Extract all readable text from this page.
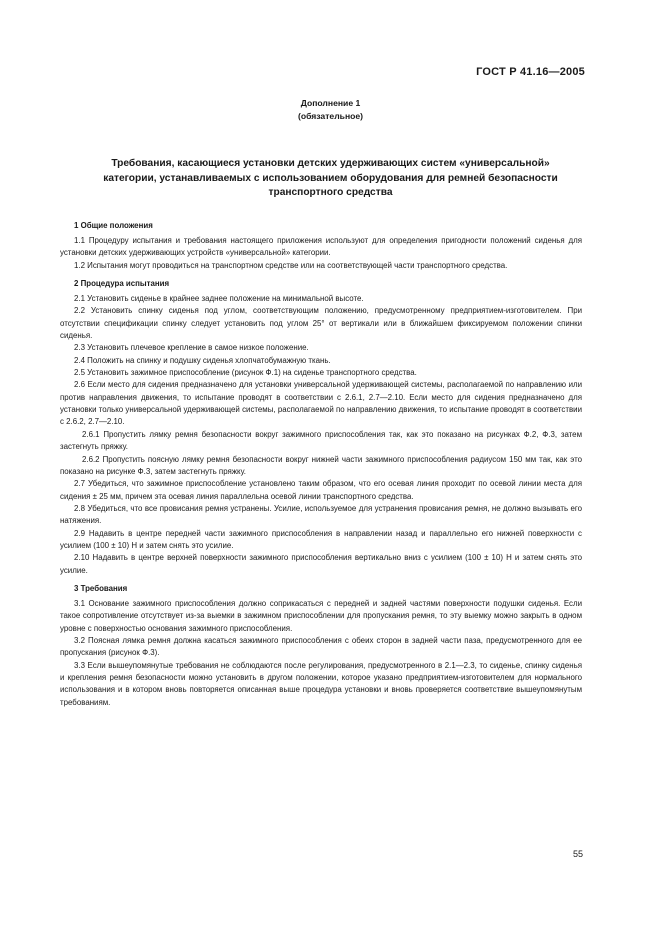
ГОСТ Р 41.16—2005
Дополнение 1
(обязательное)
Требования, касающиеся установки детских удерживающих систем «универсальной»
категории, устанавливаемых с использованием оборудования для ремней безопасности
транспортного средства
1 Общие положения

1.1 Процедуру испытания и требования настоящего приложения используют для определения пригодности положений сиденья для установки детских удерживающих устройств «универсальной» категории.

1.2 Испытания могут проводиться на транспортном средстве или на соответствующей части транспортного средства.

2 Процедура испытания

2.1 Установить сиденье в крайнее заднее положение на минимальной высоте.

2.2 Установить спинку сиденья под углом, соответствующим положению, предусмотренному предприятием-изготовителем. При отсутствии спецификации спинку следует установить под углом 25° от вертикали или в ближайшем фиксируемом положении спинки сиденья.

2.3 Установить плечевое крепление в самое низкое положение.

2.4 Положить на спинку и подушку сиденья хлопчатобумажную ткань.

2.5 Установить зажимное приспособление (рисунок Ф.1) на сиденье транспортного средства.

2.6 Если место для сидения предназначено для установки универсальной удерживающей системы, располагаемой по направлению или против направления движения, то испытание проводят в соответствии с 2.6.1, 2.7—2.10. Если место для сидения предназначено для установки только универсальной удерживающей системы, располагаемой по направлению движения, то испытание проводят в соответствии с 2.6.2, 2.7—2.10.

2.6.1 Пропустить лямку ремня безопасности вокруг зажимного приспособления так, как это показано на рисунках Ф.2, Ф.3, затем застегнуть пряжку.

2.6.2 Пропустить поясную лямку ремня безопасности вокруг нижней части зажимного приспособления радиусом 150 мм так, как это показано на рисунке Ф.3, затем застегнуть пряжку.

2.7 Убедиться, что зажимное приспособление установлено таким образом, что его осевая линия проходит по осевой линии места для сидения ± 25 мм, причем эта осевая линия параллельна осевой линии транспортного средства.

2.8 Убедиться, что все провисания ремня устранены. Усилие, используемое для устранения провисания ремня, не должно вызывать его натяжения.

2.9 Надавить в центре передней части зажимного приспособления в направлении назад и параллельно его нижней поверхности с усилием (100 ± 10) Н и затем снять это усилие.

2.10 Надавить в центре верхней поверхности зажимного приспособления вертикально вниз с усилием (100 ± 10) Н и затем снять это усилие.

3 Требования

3.1 Основание зажимного приспособления должно соприкасаться с передней и задней частями поверхности подушки сиденья. Если такое сопротивление отсутствует из-за выемки в зажимном приспособлении для пропускания ремня, то эту выемку можно закрыть в одном уровне с поверхностью основания зажимного приспособления.

3.2 Поясная лямка ремня должна касаться зажимного приспособления с обеих сторон в задней части паза, предусмотренного для ее пропускания (рисунок Ф.3).

3.3 Если вышеупомянутые требования не соблюдаются после регулирования, предусмотренного в 2.1—2.3, то сиденье, спинку сиденья и крепления ремня безопасности можно установить в другом положении, которое указано предприятием-изготовителем для нормального использования и в котором вновь повторяется описанная выше процедура установки и вновь проверяется соответствие вышеупомянутым требованиям.

55
